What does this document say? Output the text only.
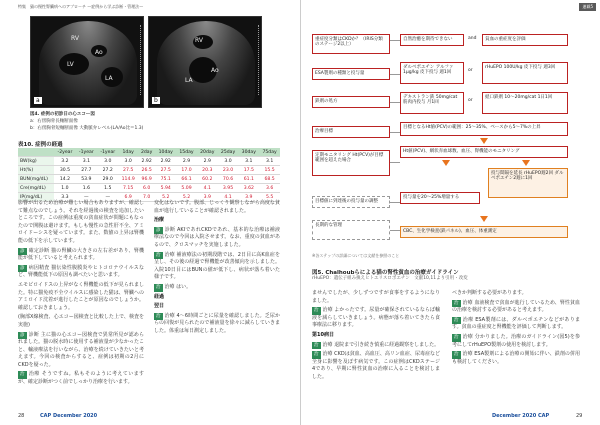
特集　猫の慢性腎臓病へのアプローチ ～症例から学ぶ診断・管理法～
RV
LV
LA
Ao
a
RV
LA
Ao
b
図4. 症例の初診日の心エコー図
a：右傍胸骨長軸断面像
b：右傍胸骨短軸断面像 大動脈弁レベル(LA/Ao比＝1.3)
表10. 症例の経過
	-2year	-1year	-1year	1day	2day	10day	15day	20day	25day	30day	75day
BW(kg)	3.2	3.1	3.0	3.0	2.92	2.92	2.9	2.9	3.0	3.1	3.1
Ht(%)	30.5	27.7	27.2	27.5	26.5	27.5	17.0	20.3	23.0	17.5	15.5
BUN(mg/dL)	14.2	53.9	29.0	114.9	96.9	75.1	66.1	60.2	70.6	61.1	68.5
Cre(mg/dL)	1.0	1.6	1.5	7.15	6.0	5.94	5.09	4.1	3.95	3.62	3.6
IP(mg/dL)	3.3	—	—	6.9	7.0	5.2	5.2	3.9	4.1	3.9	5.5

影響が出るため治療が難しい場合もありますが、確認して難点なのでしょう。それを経過後の検査を追加したいところです。この症例は重度の貧血症状が問題にもなったので開腹は避けます。もしも慢性の急性肝不全、アミロイドーシスを疑っています。また、数値の上昇は腎機能の低下を示しています。

診 確定診断 猫の腎臓の大きさの左右差があり、腎機能が低下していると考えられます。

診 病因精査 猫伝染性腹膜炎やヒトコロナウイルスなど、腎機能低下の原因も調べたいと思います。

エモビロイドスの上昇がなく腎機能の低下が見られました。特に猫免疫不全ウイルスに感染した猫は、腎臓へのアミロイド沈着が進行したことが原因なのでしょうか。確認しておきましょう。

(胸部X線検査、心エコー図検査と比較した上で、検査を実施)

診 診断 主に猫の心エコー図検査で異常所見が認められました。猫の脱水時に使用する補液量が少なかったこと、輸液療法を行いながら、治療を続けていきたいと考えます。今回の検査からすると、症例は初期の2月にCKDを疑った。

治 治療 そうですね。私もそのように考えていますが、確定診断がつく前でしっかり治療を行います。

変化はないです。腹部、じっくり観察しながら高度な貧血が進行していることが確認されました。

治療

診 診断 AKIであれCKDであれ、基本的な治療は補液療法なので今回は入院させます。なお、重度の貧血があるので、クロスマッチを実施しました。

治 治療 補液療法の初期段階では、2日目に高K血症を呈し、その後の経過で腎機能が改善傾向を示しました。入院10日目にはBUNの値が低下し、病状が落ち着いた様子です。

治 治療 はい。

経過

翌日

治 治療 4～6時間ごとに尿量を確認しました。乏尿からの回復が見られたので補液量を徐々に減らしていきました。体重は毎日測定しました。

28	CAP December 2020
連載5
重症度分類はCKDか？（IRIS分類のステージ2以上）
ESA製剤の種類と投与量
鉄剤の処方
治療目標
定期モニタリング Ht(PCV)が目標範囲を超えた場合
目標値に到達後の投与量の調整
長期的な管理
自然治癒を期待できない	and	貧血の重症度を評価
ダルベポエチン アルファ 1μg/kg 皮下投与 週1回	or
rHuEPO 100U/kg 皮下投与 週3回
デキストラン鉄 50mg/cat 筋肉内投与 月1回	or
経口鉄剤 10～20mg/cat 1日1回
目標となるHt値(PCV)の範囲：25～35%、ベースから5～7%の上昇
Ht値(PCV)、網状赤血球数、血圧、腎機能のモニタリング
投与間隔を延長 rHuEPO週2回 ダルベポエチン2週に1回
投与量を20～25%増量する
CBC、生化学検査(鉄パネル)、血圧、体重測定
※各ステップの詳細については文献を参照のこと
図5. Chalhoubらによる猫の腎性貧血の治療ガイドライン
rHuEPO：遺伝子組み換えヒトエリスロポエチン　文献10,11より引用・改変

ませんでしたが、少しずつですが食事をするようになりました。

治 治療 よかったです。尿量が確保されているならば輸液を減らしていきましょう。病態が落ち着いてきたら食事療法に移ります。

第10病日

治 治療 退院まで引き続き慎重に経過観察をしました。

治 治療 CKDは貧血、高血圧、高リン血症、尿毒症など全身に影響を及ぼす病気です。この症例はCKDステージ4であり、早期に腎性貧血の治療に入ることを検討しました。

ベきか判断する必要があります。

治 治療 血液検査で貧血が進行しているため、腎性貧血の治療を検討する必要があると考えます。

治 治療 ESA製剤には、ダルベポエチンなどがあります。貧血の重症度と腎機能を評価して判断します。

治 治療 分かりました。治療のガイドライン(図5)を参考にしてrHuEPO製剤の使用を検討します。

治 治療 ESA製剤による治療の開始に伴い、鉄剤の併用も検討してください。

December 2020 CAP	29
